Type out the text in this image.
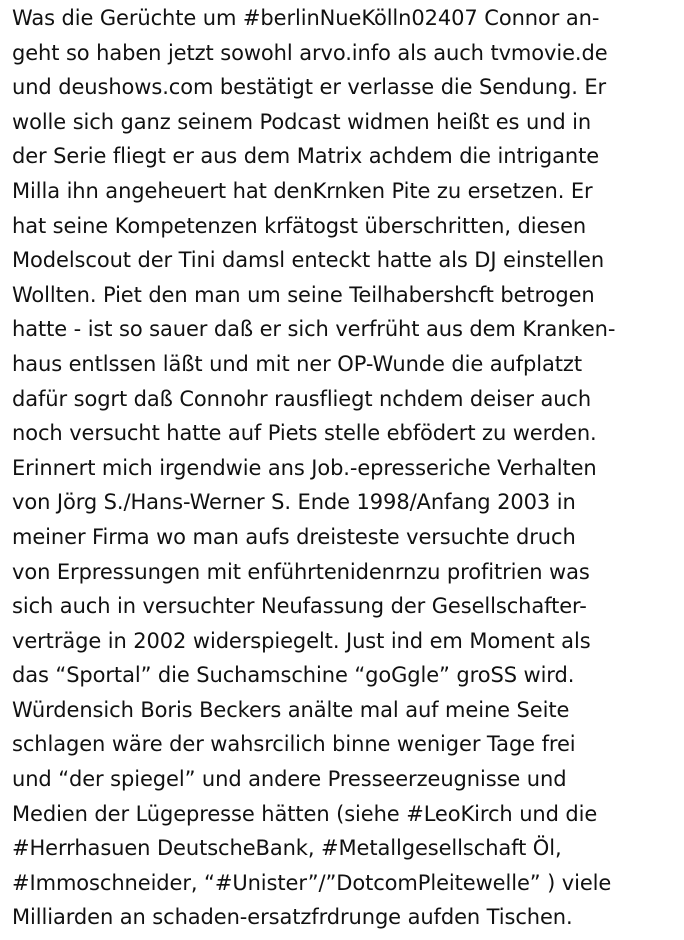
Was die Gerüchte um #berlinNueKölln02407 Connor an-
geht so haben jetzt sowohl arvo.info als auch tvmovie.de
und deushows.com bestätigt er verlasse die Sendung. Er
wolle sich ganz seinem Podcast widmen heißt es und in
der Serie fliegt er aus dem Matrix achdem die intrigante
Milla ihn angeheuert hat denKrnken Pite zu ersetzen. Er
hat seine Kompetenzen krfätogst überschritten, diesen
Modelscout der Tini damsl enteckt hatte als DJ einstellen
Wollten. Piet den man um seine Teilhabershcft betrogen
hatte - ist so sauer daß er sich verfrüht aus dem Kranken-
haus entlssen läßt und mit ner OP-Wunde die aufplatzt
dafür sogrt daß Connohr rausfliegt nchdem deiser auch
noch versucht hatte auf Piets stelle ebfödert zu werden.
Erinnert mich irgendwie ans Job.-epresseriche Verhalten
von Jörg S./Hans-Werner S. Ende 1998/Anfang 2003 in
meiner Firma wo man aufs dreisteste versuchte druch
von Erpressungen mit enführtenidenrnzu profitrien was
sich auch in versuchter Neufassung der Gesellschafter-
verträge in 2002 widerspiegelt. Just ind em Moment als
das “Sportal” die Suchamschine “goGgle” groSS wird.
Würdensich Boris Beckers anälte mal auf meine Seite
schlagen wäre der wahsrcilich binne weniger Tage frei
und “der spiegel” und andere Presseerzeugnisse und
Medien der Lügepresse hätten (siehe #LeoKirch und die
#Herrhasuen DeutscheBank, #Metallgesellschaft Öl,
#Immoschneider, “#Unister”/”DotcomPleitewelle” ) viele
Milliarden an schaden-ersatzfrdrunge aufden Tischen.
